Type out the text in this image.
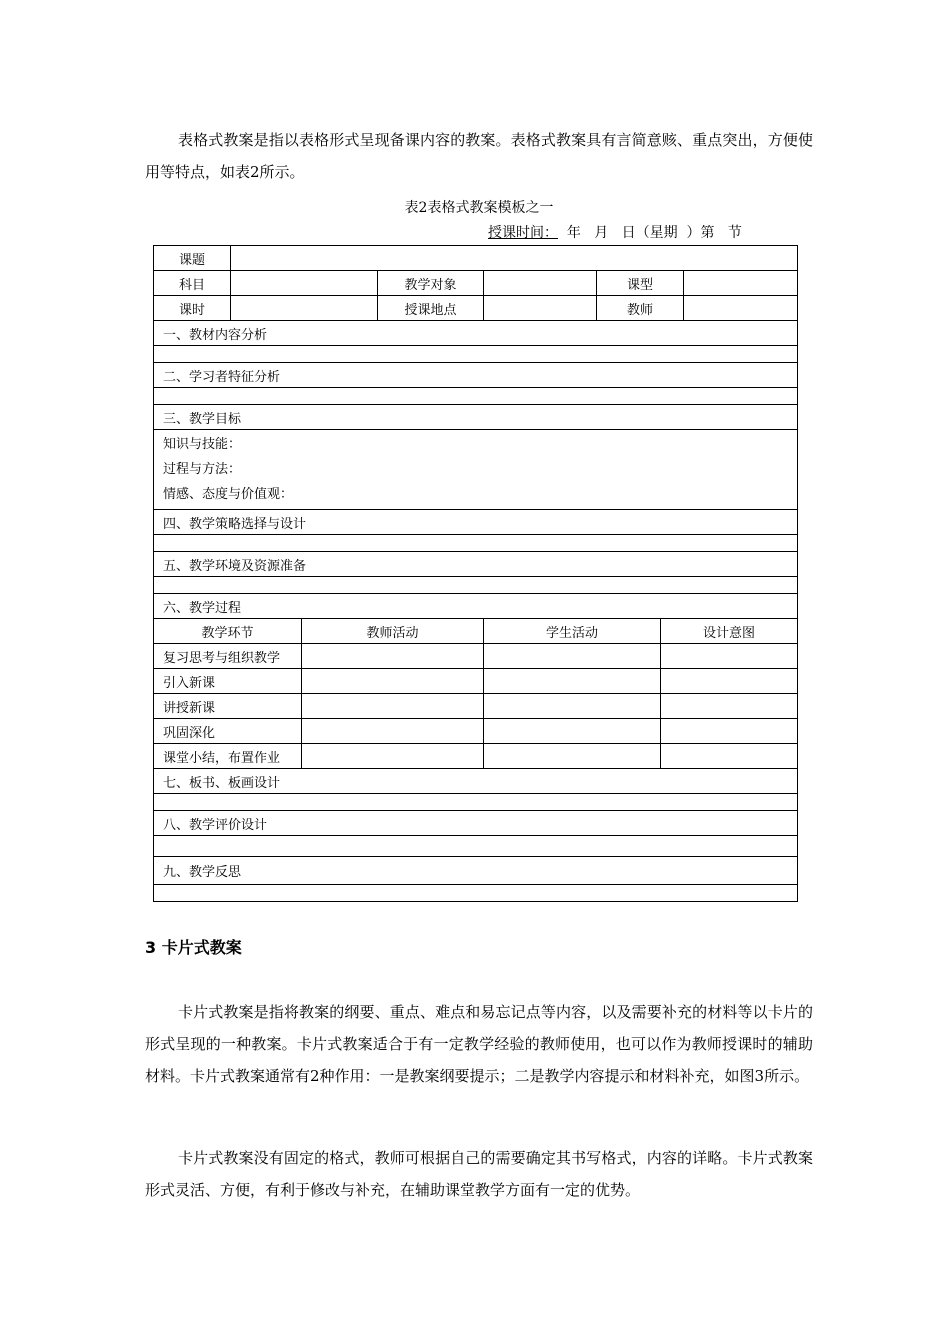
表格式教案是指以表格形式呈现备课内容的教案。表格式教案具有言简意赅、重点突出，方便使用等特点，如表2所示。

表2表格式教案模板之一
授课时间：  年   月   日（星期  ）第   节
课题							
科目			教学对象		课型		
课时			授课地点		教师		
一、教材内容分析							

二、学习者特征分析							

三、教学目标							

知识与技能：
过程与方法：
情感、态度与价值观：							

四、教学策略选择与设计							

五、教学环境及资源准备							

六、教学过程							
教学环节		教师活动		学生活动		设计意图	
复习思考与组织教学							
引入新课							
讲授新课							
巩固深化							
课堂小结，布置作业							
七、板书、板画设计							

八、教学评价设计							

九、教学反思							

3 卡片式教案

卡片式教案是指将教案的纲要、重点、难点和易忘记点等内容，以及需要补充的材料等以卡片的形式呈现的一种教案。卡片式教案适合于有一定教学经验的教师使用，也可以作为教师授课时的辅助材料。卡片式教案通常有2种作用：一是教案纲要提示；二是教学内容提示和材料补充，如图3所示。

卡片式教案没有固定的格式，教师可根据自己的需要确定其书写格式，内容的详略。卡片式教案形式灵活、方便，有利于修改与补充，在辅助课堂教学方面有一定的优势。
